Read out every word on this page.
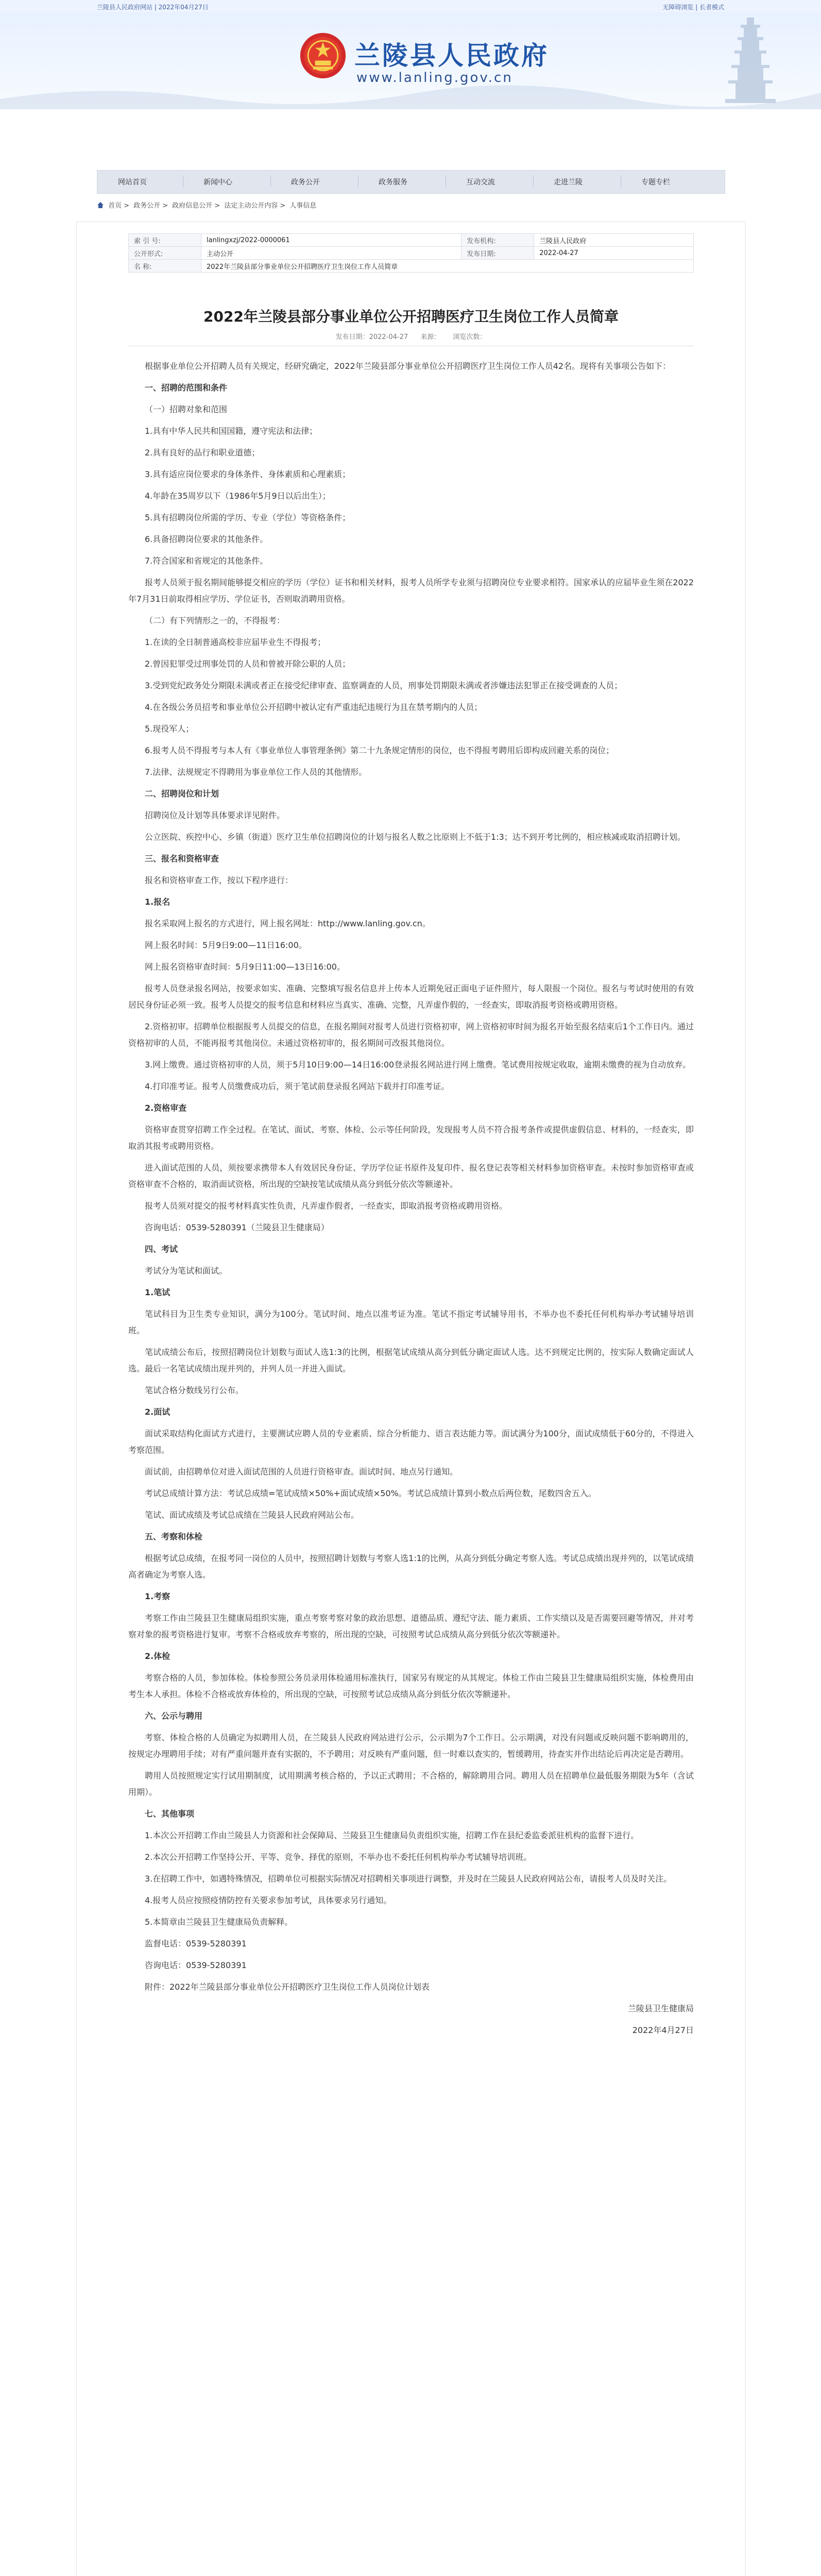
兰陵县人民政府网站 | 2022年04月27日	无障碍浏览 | 长者模式
兰陵县人民政府
www.lanling.gov.cn
网站首页	新闻中心	政务公开	政务服务	互动交流	走进兰陵	专题专栏
首页 > 政务公开 > 政府信息公开 > 法定主动公开内容 > 人事信息
索 引 号:	lanlingxzj/2022-0000061	发布机构:	兰陵县人民政府
公开形式:	主动公开	发布日期:	2022-04-27
名 称:	2022年兰陵县部分事业单位公开招聘医疗卫生岗位工作人员简章		
2022年兰陵县部分事业单位公开招聘医疗卫生岗位工作人员简章
发布日期：2022-04-27 来源： 浏览次数：

根据事业单位公开招聘人员有关规定，经研究确定，2022年兰陵县部分事业单位公开招聘医疗卫生岗位工作人员42名。现将有关事项公告如下：

一、招聘的范围和条件

（一）招聘对象和范围

1.具有中华人民共和国国籍，遵守宪法和法律；

2.具有良好的品行和职业道德；

3.具有适应岗位要求的身体条件、身体素质和心理素质；

4.年龄在35周岁以下（1986年5月9日以后出生）；

5.具有招聘岗位所需的学历、专业（学位）等资格条件；

6.具备招聘岗位要求的其他条件。

7.符合国家和省规定的其他条件。

报考人员须于报名期间能够提交相应的学历（学位）证书和相关材料，报考人员所学专业须与招聘岗位专业要求相符。国家承认的应届毕业生须在2022年7月31日前取得相应学历、学位证书，否则取消聘用资格。

（二）有下列情形之一的，不得报考：

1.在读的全日制普通高校非应届毕业生不得报考；

2.曾因犯罪受过刑事处罚的人员和曾被开除公职的人员；

3.受到党纪政务处分期限未满或者正在接受纪律审查、监察调查的人员，刑事处罚期限未满或者涉嫌违法犯罪正在接受调查的人员；

4.在各级公务员招考和事业单位公开招聘中被认定有严重违纪违规行为且在禁考期内的人员；

5.现役军人；

6.报考人员不得报考与本人有《事业单位人事管理条例》第二十九条规定情形的岗位，也不得报考聘用后即构成回避关系的岗位；

7.法律、法规规定不得聘用为事业单位工作人员的其他情形。

二、招聘岗位和计划

招聘岗位及计划等具体要求详见附件。

公立医院、疾控中心、乡镇（街道）医疗卫生单位招聘岗位的计划与报名人数之比原则上不低于1:3；达不到开考比例的，相应核减或取消招聘计划。

三、报名和资格审查

报名和资格审查工作，按以下程序进行：

1.报名

报名采取网上报名的方式进行，网上报名网址：http://www.lanling.gov.cn。

网上报名时间：5月9日9:00—11日16:00。

网上报名资格审查时间：5月9日11:00—13日16:00。

报考人员登录报名网站，按要求如实、准确、完整填写报名信息并上传本人近期免冠正面电子证件照片，每人限报一个岗位。报名与考试时使用的有效居民身份证必须一致。报考人员提交的报考信息和材料应当真实、准确、完整，凡弄虚作假的，一经查实，即取消报考资格或聘用资格。

2.资格初审。招聘单位根据报考人员提交的信息，在报名期间对报考人员进行资格初审，网上资格初审时间为报名开始至报名结束后1个工作日内。通过资格初审的人员，不能再报考其他岗位。未通过资格初审的，报名期间可改报其他岗位。

3.网上缴费。通过资格初审的人员，须于5月10日9:00—14日16:00登录报名网站进行网上缴费。笔试费用按规定收取，逾期未缴费的视为自动放弃。

4.打印准考证。报考人员缴费成功后，须于笔试前登录报名网站下载并打印准考证。

2.资格审查

资格审查贯穿招聘工作全过程。在笔试、面试、考察、体检、公示等任何阶段，发现报考人员不符合报考条件或提供虚假信息、材料的，一经查实，即取消其报考或聘用资格。

进入面试范围的人员，须按要求携带本人有效居民身份证、学历学位证书原件及复印件、报名登记表等相关材料参加资格审查。未按时参加资格审查或资格审查不合格的，取消面试资格，所出现的空缺按笔试成绩从高分到低分依次等额递补。

报考人员须对提交的报考材料真实性负责，凡弄虚作假者，一经查实，即取消报考资格或聘用资格。

咨询电话：0539-5280391（兰陵县卫生健康局）

四、考试

考试分为笔试和面试。

1.笔试

笔试科目为卫生类专业知识，满分为100分。笔试时间、地点以准考证为准。笔试不指定考试辅导用书，不举办也不委托任何机构举办考试辅导培训班。

笔试成绩公布后，按照招聘岗位计划数与面试人选1:3的比例，根据笔试成绩从高分到低分确定面试人选。达不到规定比例的，按实际人数确定面试人选。最后一名笔试成绩出现并列的，并列人员一并进入面试。

笔试合格分数线另行公布。

2.面试

面试采取结构化面试方式进行，主要测试应聘人员的专业素质、综合分析能力、语言表达能力等。面试满分为100分，面试成绩低于60分的，不得进入考察范围。

面试前，由招聘单位对进入面试范围的人员进行资格审查。面试时间、地点另行通知。

考试总成绩计算方法：考试总成绩=笔试成绩×50%+面试成绩×50%。考试总成绩计算到小数点后两位数，尾数四舍五入。

笔试、面试成绩及考试总成绩在兰陵县人民政府网站公布。

五、考察和体检

根据考试总成绩，在报考同一岗位的人员中，按照招聘计划数与考察人选1:1的比例，从高分到低分确定考察人选。考试总成绩出现并列的，以笔试成绩高者确定为考察人选。

1.考察

考察工作由兰陵县卫生健康局组织实施，重点考察考察对象的政治思想、道德品质、遵纪守法、能力素质、工作实绩以及是否需要回避等情况，并对考察对象的报考资格进行复审。考察不合格或放弃考察的，所出现的空缺，可按照考试总成绩从高分到低分依次等额递补。

2.体检

考察合格的人员，参加体检。体检参照公务员录用体检通用标准执行，国家另有规定的从其规定。体检工作由兰陵县卫生健康局组织实施，体检费用由考生本人承担。体检不合格或放弃体检的，所出现的空缺，可按照考试总成绩从高分到低分依次等额递补。

六、公示与聘用

考察、体检合格的人员确定为拟聘用人员，在兰陵县人民政府网站进行公示，公示期为7个工作日。公示期满，对没有问题或反映问题不影响聘用的，按规定办理聘用手续；对有严重问题并查有实据的，不予聘用；对反映有严重问题，但一时难以查实的，暂缓聘用，待查实并作出结论后再决定是否聘用。

聘用人员按照规定实行试用期制度，试用期满考核合格的，予以正式聘用；不合格的，解除聘用合同。聘用人员在招聘单位最低服务期限为5年（含试用期）。

七、其他事项

1.本次公开招聘工作由兰陵县人力资源和社会保障局、兰陵县卫生健康局负责组织实施，招聘工作在县纪委监委派驻机构的监督下进行。

2.本次公开招聘工作坚持公开、平等、竞争、择优的原则，不举办也不委托任何机构举办考试辅导培训班。

3.在招聘工作中，如遇特殊情况，招聘单位可根据实际情况对招聘相关事项进行调整，并及时在兰陵县人民政府网站公布，请报考人员及时关注。

4.报考人员应按照疫情防控有关要求参加考试，具体要求另行通知。

5.本简章由兰陵县卫生健康局负责解释。

监督电话：0539-5280391

咨询电话：0539-5280391

附件：2022年兰陵县部分事业单位公开招聘医疗卫生岗位工作人员岗位计划表

兰陵县卫生健康局

2022年4月27日
